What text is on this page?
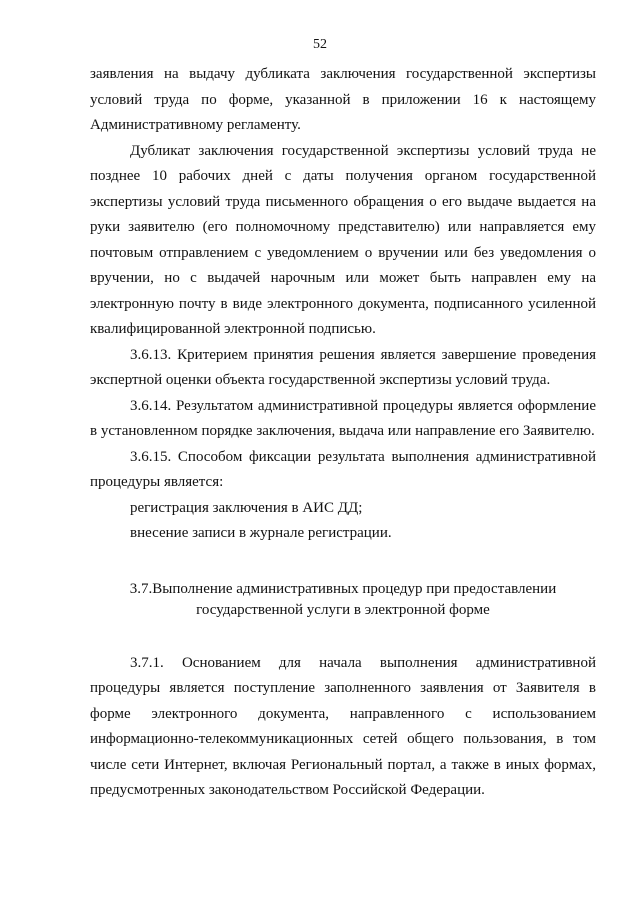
52

заявления на выдачу дубликата заключения государственной экспертизы условий труда по форме, указанной в приложении 16 к настоящему Административному регламенту.

Дубликат заключения государственной экспертизы условий труда не позднее 10 рабочих дней с даты получения органом государственной экспертизы условий труда письменного обращения о его выдаче выдается на руки заявителю (его полномочному представителю) или направляется ему почтовым отправлением с уведомлением о вручении или без уведомления о вручении, но с выдачей нарочным или может быть направлен ему на электронную почту в виде электронного документа, подписанного усиленной квалифицированной электронной подписью.

3.6.13. Критерием принятия решения является завершение проведения экспертной оценки объекта государственной экспертизы условий труда.

3.6.14. Результатом административной процедуры является оформление в установленном порядке заключения, выдача или направление его Заявителю.

3.6.15. Способом фиксации результата выполнения административной процедуры является:

регистрация заключения в АИС ДД;

внесение записи в журнале регистрации.

3.7.Выполнение административных процедур при предоставлении
государственной услуги в электронной форме

3.7.1. Основанием для начала выполнения административной процедуры является поступление заполненного заявления от Заявителя в форме электронного документа, направленного с использованием информационно-телекоммуникационных сетей общего пользования, в том числе сети Интернет, включая Региональный портал, а также в иных формах, предусмотренных законодательством Российской Федерации.
